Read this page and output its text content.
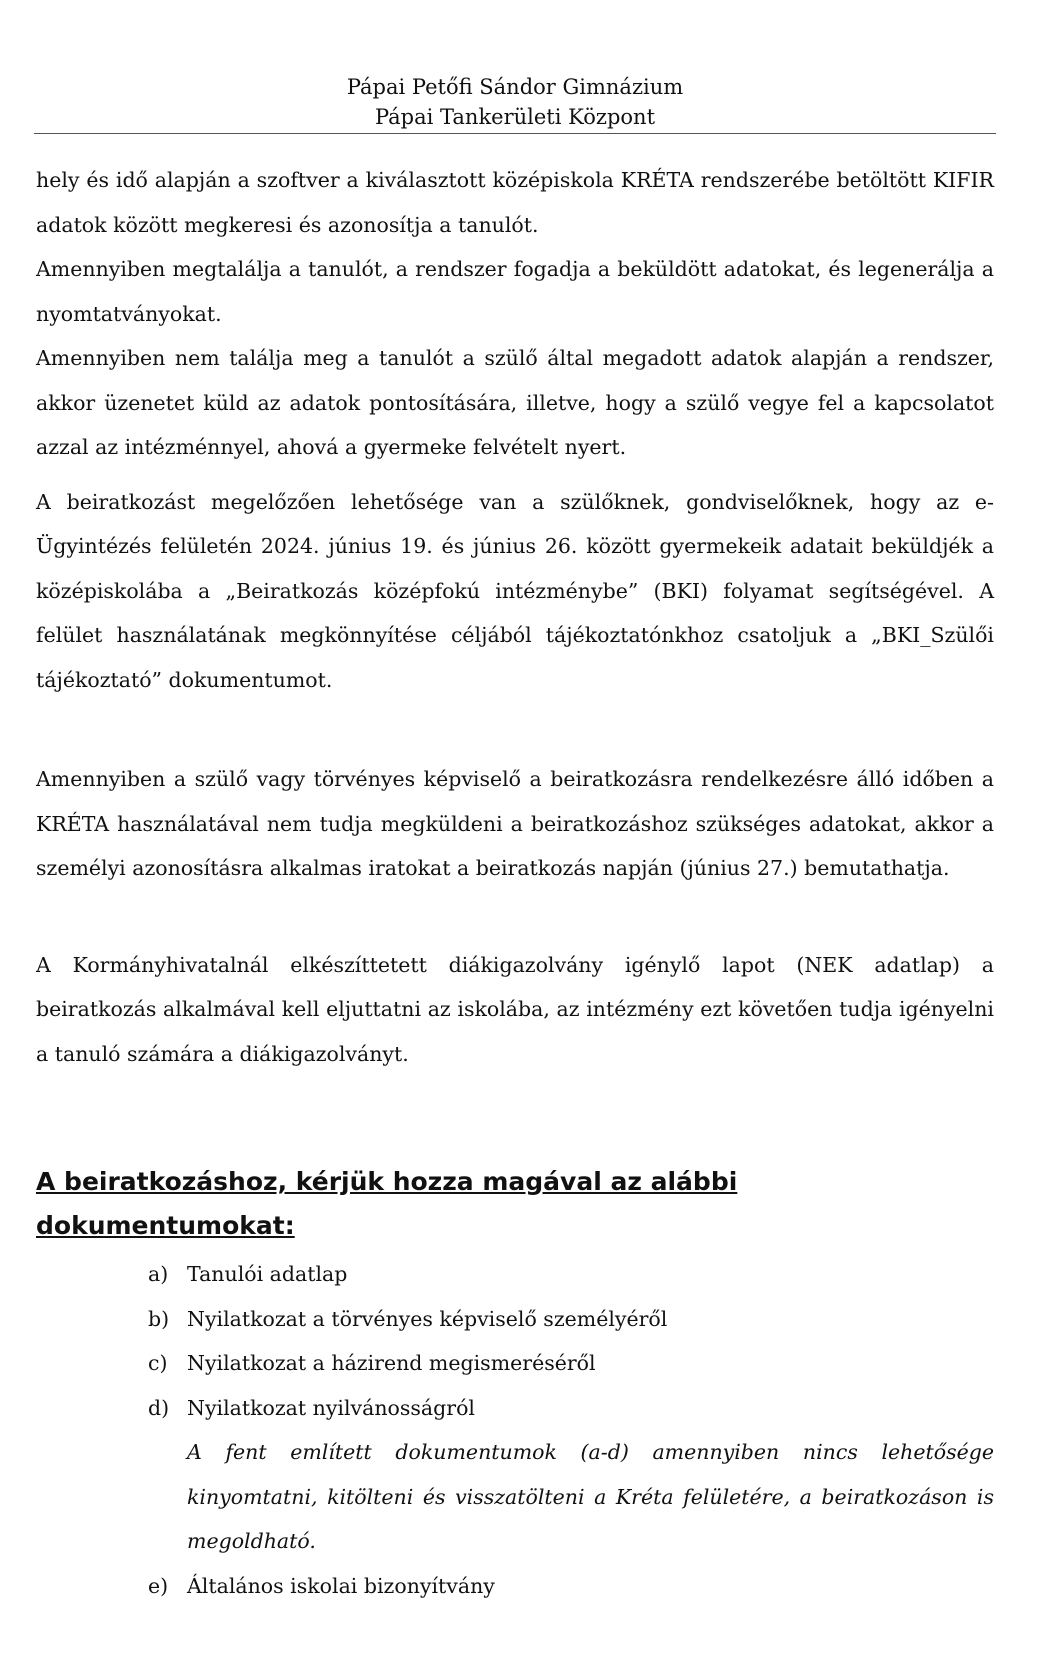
Pápai Petőfi Sándor Gimnázium
Pápai Tankerületi Központ

hely és idő alapján a szoftver a kiválasztott középiskola KRÉTA rendszerébe betöltött KIFIR adatok között megkeresi és azonosítja a tanulót.

Amennyiben megtalálja a tanulót, a rendszer fogadja a beküldött adatokat, és legenerálja a nyomtatványokat.

Amennyiben nem találja meg a tanulót a szülő által megadott adatok alapján a rendszer, akkor üzenetet küld az adatok pontosítására, illetve, hogy a szülő vegye fel a kapcsolatot azzal az intézménnyel, ahová a gyermeke felvételt nyert.

A beiratkozást megelőzően lehetősége van a szülőknek, gondviselőknek, hogy az e-Ügyintézés felületén 2024. június 19. és június 26. között gyermekeik adatait beküldjék a középiskolába a „Beiratkozás középfokú intézménybe” (BKI) folyamat segítségével. A felület használatának megkönnyítése céljából tájékoztatónkhoz csatoljuk a „BKI_Szülői tájékoztató” dokumentumot.

Amennyiben a szülő vagy törvényes képviselő a beiratkozásra rendelkezésre álló időben a KRÉTA használatával nem tudja megküldeni a beiratkozáshoz szükséges adatokat, akkor a személyi azonosításra alkalmas iratokat a beiratkozás napján (június 27.) bemutathatja.

A Kormányhivatalnál elkészíttetett diákigazolvány igénylő lapot (NEK adatlap) a beiratkozás alkalmával kell eljuttatni az iskolába, az intézmény ezt követően tudja igényelni a tanuló számára a diákigazolványt.

A beiratkozáshoz, kérjük hozza magával az alábbi dokumentumokat:
a) Tanulói adatlap
b) Nyilatkozat a törvényes képviselő személyéről
c) Nyilatkozat a házirend megismeréséről
d) Nyilatkozat nyilvánosságról

A fent említett dokumentumok (a-d) amennyiben nincs lehetősége kinyomtatni, kitölteni és visszatölteni a Kréta felületére, a beiratkozáson is megoldható.

e) Általános iskolai bizonyítvány
